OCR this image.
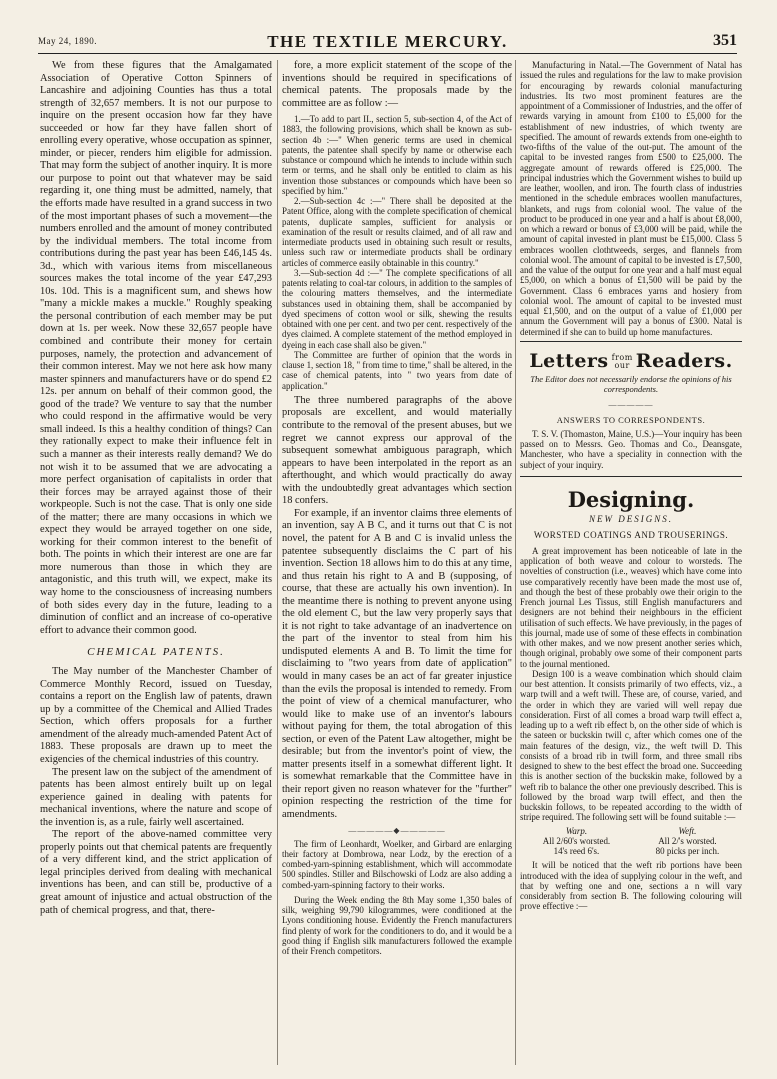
May 24, 1890.	THE TEXTILE MERCURY.	351

We from these figures that the Amalgamated Association of Operative Cotton Spinners of Lancashire and adjoining Counties has thus a total strength of 32,657 members. It is not our purpose to inquire on the present occasion how far they have succeeded or how far they have fallen short of enrolling every operative, whose occupation as spinner, minder, or piecer, renders him eligible for admission. That may form the subject of another inquiry. It is more our purpose to point out that whatever may be said regarding it, one thing must be admitted, namely, that the efforts made have resulted in a grand success in two of the most important phases of such a movement—the numbers enrolled and the amount of money contributed by the individual members. The total income from contributions during the past year has been £46,145 4s. 3d., which with various items from miscellaneous sources makes the total income of the year £47,293 10s. 10d. This is a magnificent sum, and shews how "many a mickle makes a muckle." Roughly speaking the personal contribution of each member may be put down at 1s. per week. Now these 32,657 people have combined and contribute their money for certain purposes, namely, the protection and advancement of their common interest. May we not here ask how many master spinners and manufacturers have or do spend £2 12s. per annum on behalf of their common good, the good of the trade? We venture to say that the number who could respond in the affirmative would be very small indeed. Is this a healthy condition of things? Can they rationally expect to make their influence felt in such a manner as their interests really demand? We do not wish it to be assumed that we are advocating a more perfect organisation of capitalists in order that their forces may be arrayed against those of their workpeople. Such is not the case. That is only one side of the matter; there are many occasions in which we expect they would be arrayed together on one side, working for their common interest to the benefit of both. The points in which their interest are one are far more numerous than those in which they are antagonistic, and this truth will, we expect, make its way home to the consciousness of increasing numbers of both sides every day in the future, leading to a diminution of conflict and an increase of co-operative effort to advance their common good.

CHEMICAL PATENTS.

The May number of the Manchester Chamber of Commerce Monthly Record, issued on Tuesday, contains a report on the English law of patents, drawn up by a committee of the Chemical and Allied Trades Section, which offers proposals for a further amendment of the already much-amended Patent Act of 1883. These proposals are drawn up to meet the exigencies of the chemical industries of this country.

The present law on the subject of the amendment of patents has been almost entirely built up on legal experience gained in dealing with patents for mechanical inventions, where the nature and scope of the invention is, as a rule, fairly well ascertained.

The report of the above-named committee very properly points out that chemical patents are frequently of a very different kind, and the strict application of legal principles derived from dealing with mechanical inventions has been, and can still be, productive of a great amount of injustice and actual obstruction of the path of chemical progress, and that, there-

fore, a more explicit statement of the scope of the inventions should be required in specifications of chemical patents. The proposals made by the committee are as follow :—

1.—To add to part II., section 5, sub-section 4, of the Act of 1883, the following provisions, which shall be known as sub-section 4b :—" When generic terms are used in chemical patents, the patentee shall specify by name or otherwise each substance or compound which he intends to include within such term or terms, and he shall only be entitled to claim as his invention those substances or compounds which have been so specified by him."

2.—Sub-section 4c :—" There shall be deposited at the Patent Office, along with the complete specification of chemical patents, duplicate samples, sufficient for analysis or examination of the result or results claimed, and of all raw and intermediate products used in obtaining such result or results, unless such raw or intermediate products shall be ordinary articles of commerce easily obtainable in this country."

3.—Sub-section 4d :—" The complete specifications of all patents relating to coal-tar colours, in addition to the samples of the colouring matters themselves, and the intermediate substances used in obtaining them, shall be accompanied by dyed specimens of cotton wool or silk, shewing the results obtained with one per cent. and two per cent. respectively of the dyes claimed. A complete statement of the method employed in dyeing in each case shall also be given."

The Committee are further of opinion that the words in clause 1, section 18, " from time to time," shall be altered, in the case of chemical patents, into " two years from date of application."

The three numbered paragraphs of the above proposals are excellent, and would materially contribute to the removal of the present abuses, but we regret we cannot express our approval of the subsequent somewhat ambiguous paragraph, which appears to have been interpolated in the report as an afterthought, and which would practically do away with the undoubtedly great advantages which section 18 confers.

For example, if an inventor claims three elements of an invention, say A B C, and it turns out that C is not novel, the patent for A B and C is invalid unless the patentee subsequently disclaims the C part of his invention. Section 18 allows him to do this at any time, and thus retain his right to A and B (supposing, of course, that these are actually his own invention). In the meantime there is nothing to prevent anyone using the old element C, but the law very properly says that it is not right to take advantage of an inadvertence on the part of the inventor to steal from him his undisputed elements A and B. To limit the time for disclaiming to "two years from date of application" would in many cases be an act of far greater injustice than the evils the proposal is intended to remedy. From the point of view of a chemical manufacturer, who would like to make use of an inventor's labours without paying for them, the total abrogation of this section, or even of the Patent Law altogether, might be desirable; but from the inventor's point of view, the matter presents itself in a somewhat different light. It is somewhat remarkable that the Committee have in their report given no reason whatever for the "further" opinion respecting the restriction of the time for amendments.

—————◆—————

The firm of Leonhardt, Woelker, and Girbard are enlarging their factory at Dombrowa, near Lodz, by the erection of a combed-yarn-spinning establishment, which will accommodate 500 spindles. Stiller and Bilschowski of Lodz are also adding a combed-yarn-spinning factory to their works.

During the Week ending the 8th May some 1,350 bales of silk, weighing 99,790 kilogrammes, were conditioned at the Lyons conditioning house. Evidently the French manufacturers find plenty of work for the conditioners to do, and it would be a good thing if English silk manufacturers followed the example of their French competitors.

Manufacturing in Natal.—The Government of Natal has issued the rules and regulations for the law to make provision for encouraging by rewards colonial manufacturing industries. Its two most prominent features are the appointment of a Commissioner of Industries, and the offer of rewards varying in amount from £100 to £5,000 for the establishment of new industries, of which twenty are specified. The amount of rewards extends from one-eighth to two-fifths of the value of the out-put. The amount of the capital to be invested ranges from £500 to £25,000. The aggregate amount of rewards offered is £25,000. The principal industries which the Government wishes to build up are leather, woollen, and iron. The fourth class of industries mentioned in the schedule embraces woollen manufactures, blankets, and rugs from colonial wool. The value of the product to be produced in one year and a half is about £8,000, on which a reward or bonus of £3,000 will be paid, while the amount of capital invested in plant must be £15,000. Class 5 embraces woollen clothtweeds, serges, and flannels from colonial wool. The amount of capital to be invested is £7,500, and the value of the output for one year and a half must equal £5,000, on which a bonus of £1,500 will be paid by the Government. Class 6 embraces yarns and hosiery from colonial wool. The amount of capital to be invested must equal £1,500, and on the output of a value of £1,000 per annum the Government will pay a bonus of £300. Natal is determined if she can to build up home manufactures.

Letters from
our Readers.
The Editor does not necessarily endorse the opinions of his correspondents.
—————
ANSWERS TO CORRESPONDENTS.

T. S. V. (Thomaston, Maine, U.S.)—Your inquiry has been passed on to Messrs. Geo. Thomas and Co., Deansgate, Manchester, who have a speciality in connection with the subject of your inquiry.

Designing.
NEW DESIGNS.
WORSTED COATINGS AND TROUSERINGS.

A great improvement has been noticeable of late in the application of both weave and colour to worsteds. The novelties of construction (i.e., weaves) which have come into use comparatively recently have been made the most use of, and though the best of these probably owe their origin to the French journal Les Tissus, still English manufacturers and designers are not behind their neighbours in the efficient utilisation of such effects. We have previously, in the pages of this journal, made use of some of these effects in combination with other makes, and we now present another series which, though original, probably owe some of their component parts to the journal mentioned.

Design 100 is a weave combination which should claim our best attention. It consists primarily of two effects, viz., a warp twill and a weft twill. These are, of course, varied, and the order in which they are varied will well repay due consideration. First of all comes a broad warp twill effect a, leading up to a weft rib effect b, on the other side of which is the sateen or buckskin twill c, after which comes one of the main features of the design, viz., the weft twill D. This consists of a broad rib in twill form, and three small ribs designed to shew to the best effect the broad one. Succeeding this is another section of the buckskin make, followed by a weft rib to balance the other one previously described. This is followed by the broad warp twill effect, and then the buckskin follows, to be repeated according to the width of stripe required. The following sett will be found suitable :—

Warp.
All 2/60's worsted.
14's reed 6's.
Weft.
All 2/'s worsted.
80 picks per inch.

It will be noticed that the weft rib portions have been introduced with the idea of supplying colour in the weft, and that by wefting one and one, sections a n will vary considerably from section B. The following colouring will prove effective :—
